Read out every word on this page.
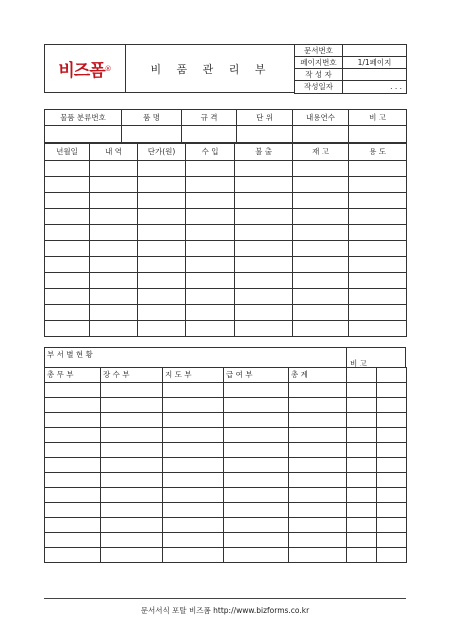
비즈폼 ®	비 품 관 리 부
문서번호	
페이지번호	1/1페이지
작 성 자	
작성일자	. . .
물품 분류번호	품 명	규 격	단 위	내용연수	비 고

년월일	내 역	단가(원)	수 입	불 출	재 고	용 도

부 서 별 현 황
비 고
총 무 부	장 수 부	지 도 부	급 여 부	총 계		

문서서식 포탈 비즈폼 http://www.bizforms.co.kr
